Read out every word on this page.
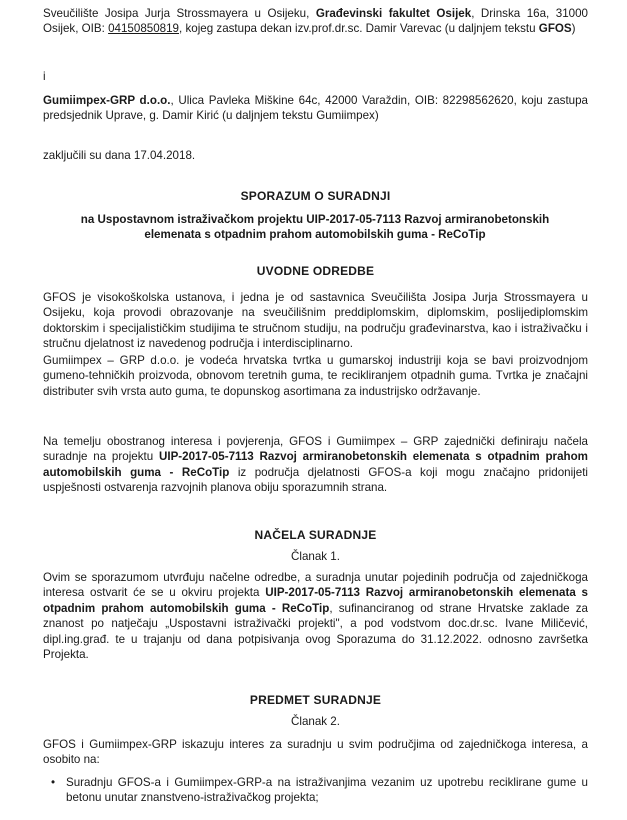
Sveučilište Josipa Jurja Strossmayera u Osijeku, Građevinski fakultet Osijek, Drinska 16a, 31000 Osijek, OIB: 04150850819, kojeg zastupa dekan izv.prof.dr.sc. Damir Varevac (u daljnjem tekstu GFOS)

i

Gumiimpex-GRP d.o.o., Ulica Pavleka Miškine 64c, 42000 Varaždin, OIB: 82298562620, koju zastupa predsjednik Uprave, g. Damir Kirić (u daljnjem tekstu Gumiimpex)

zaključili su dana 17.04.2018.

SPORAZUM O SURADNJI

na Uspostavnom istraživačkom projektu UIP-2017-05-7113 Razvoj armiranobetonskih elemenata s otpadnim prahom automobilskih guma - ReCoTip

UVODNE ODREDBE

GFOS je visokoškolska ustanova, i jedna je od sastavnica Sveučilišta Josipa Jurja Strossmayera u Osijeku, koja provodi obrazovanje na sveučilišnim preddiplomskim, diplomskim, poslijediplomskim doktorskim i specijalističkim studijima te stručnom studiju, na području građevinarstva, kao i istraživačku i stručnu djelatnost iz navedenog područja i interdisciplinarno.

Gumiimpex – GRP d.o.o. je vodeća hrvatska tvrtka u gumarskoj industriji koja se bavi proizvodnjom gumeno-tehničkih proizvoda, obnovom teretnih guma, te recikliranjem otpadnih guma. Tvrtka je značajni distributer svih vrsta auto guma, te dopunskog asortimana za industrijsko održavanje.

Na temelju obostranog interesa i povjerenja, GFOS i Gumiimpex – GRP zajednički definiraju načela suradnje na projektu UIP-2017-05-7113 Razvoj armiranobetonskih elemenata s otpadnim prahom automobilskih guma - ReCoTip iz područja djelatnosti GFOS-a koji mogu značajno pridonijeti uspješnosti ostvarenja razvojnih planova obiju sporazumnih strana.

NAČELA SURADNJE

Članak 1.

Ovim se sporazumom utvrđuju načelne odredbe, a suradnja unutar pojedinih područja od zajedničkoga interesa ostvarit će se u okviru projekta UIP-2017-05-7113 Razvoj armiranobetonskih elemenata s otpadnim prahom automobilskih guma - ReCoTip, sufinanciranog od strane Hrvatske zaklade za znanost po natječaju „Uspostavni istraživački projekti", a pod vodstvom doc.dr.sc. Ivane Miličević, dipl.ing.građ. te u trajanju od dana potpisivanja ovog Sporazuma do 31.12.2022. odnosno završetka Projekta.

PREDMET SURADNJE

Članak 2.

GFOS i Gumiimpex-GRP iskazuju interes za suradnju u svim područjima od zajedničkoga interesa, a osobito na:

• Suradnju GFOS-a i Gumiimpex-GRP-a na istraživanjima vezanim uz upotrebu reciklirane gume u betonu unutar znanstveno-istraživačkog projekta;
